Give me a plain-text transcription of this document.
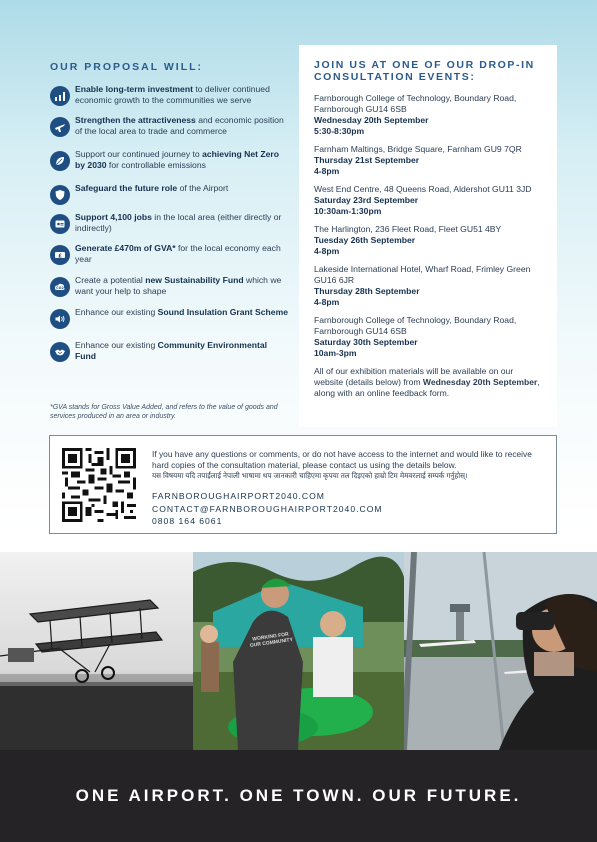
OUR PROPOSAL WILL:
Enable long-term investment to deliver continued economic growth to the communities we serve
Strengthen the attractiveness and economic position of the local area to trade and commerce
Support our continued journey to achieving Net Zero by 2030 for controllable emissions
Safeguard the future role of the Airport
Support 4,100 jobs in the local area (either directly or indirectly)
£
Generate £470m of GVA* for the local economy each year
CO2
Create a potential new Sustainability Fund which we want your help to shape
Enhance our existing Sound Insulation Grant Scheme
Enhance our existing Community Environmental Fund
*GVA stands for Gross Value Added, and refers to the value of goods and services produced in an area or industry.
JOIN US AT ONE OF OUR DROP-IN CONSULTATION EVENTS:
Farnborough College of Technology, Boundary Road, Farnborough GU14 6SB
Wednesday 20th September
5:30-8:30pm
Farnham Maltings, Bridge Square, Farnham GU9 7QR
Thursday 21st September
4-8pm
West End Centre, 48 Queens Road, Aldershot GU11 3JD
Saturday 23rd September
10:30am-1:30pm
The Harlington, 236 Fleet Road, Fleet GU51 4BY
Tuesday 26th September
4-8pm
Lakeside International Hotel, Wharf Road, Frimley Green GU16 6JR
Thursday 28th September
4-8pm
Farnborough College of Technology, Boundary Road, Farnborough GU14 6SB
Saturday 30th September
10am-3pm
All of our exhibition materials will be available on our website (details below) from Wednesday 20th September, along with an online feedback form.
If you have any questions or comments, or do not have access to the internet and would like to receive hard copies of the consultation material, please contact us using the details below.
यस विषयमा यदि तपाईंलाई नेपाली भाषामा थप जानकारी चाहिएमा कृपया तल दिइएको हाम्रो टिम मेमवरलाई सम्पर्क गर्नुहोस्।
FARNBOROUGHAIRPORT2040.COM
CONTACT@FARNBOROUGHAIRPORT2040.COM
0808 164 6061
WORKING FOR OUR COMMUNITY
ONE AIRPORT. ONE TOWN. OUR FUTURE.
